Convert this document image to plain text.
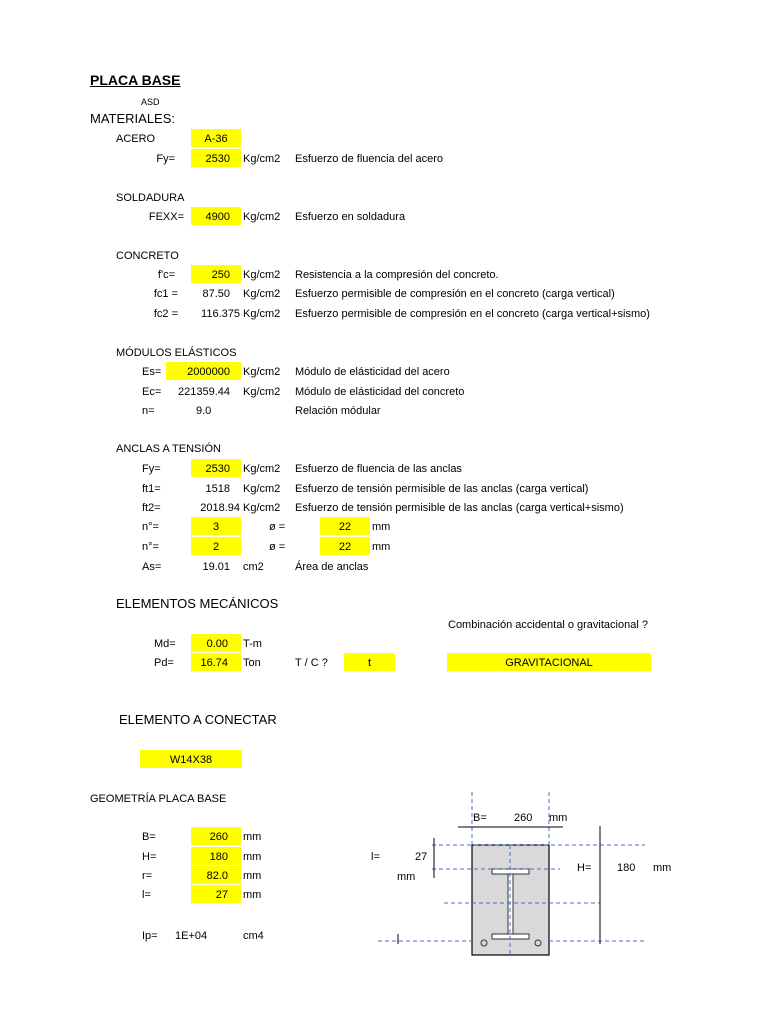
PLACA BASE
ASD
MATERIALES:
ACERO	A-36
Fy=	2530 Kg/cm2 Esfuerzo de fluencia del acero
SOLDADURA
FEXX=	4900 Kg/cm2 Esfuerzo en soldadura
CONCRETO
f'c=	250 Kg/cm2 Resistencia a la compresión del concreto.
fc1 =	87.50 Kg/cm2 Esfuerzo permisible de compresión en el concreto (carga vertical)
fc2 =	116.375 Kg/cm2 Esfuerzo permisible de compresión en el concreto (carga vertical+sismo)
MÓDULOS ELÁSTICOS
Es=	2000000 Kg/cm2 Módulo de elásticidad del acero
Ec=	221359.44 Kg/cm2 Módulo de elásticidad del concreto
n=	9.0	Relación módular
ANCLAS A TENSIÓN
Fy=	2530 Kg/cm2 Esfuerzo de fluencia de las anclas
ft1=	1518 Kg/cm2 Esfuerzo de tensión permisible de las anclas (carga vertical)
ft2=	2018.94 Kg/cm2 Esfuerzo de tensión permisible de las anclas (carga vertical+sismo)
n°=	3	ø =	22	mm
n°=	2	ø =	22	mm
As=	19.01 cm2	Área de anclas
ELEMENTOS MECÁNICOS
Combinación accidental o gravitacional ?
Md=	0.00 T-m
Pd=	16.74 Ton	T / C ?	t	GRAVITACIONAL
ELEMENTO A CONECTAR
W14X38
GEOMETRÍA PLACA BASE
B=	260 mm
H=	180 mm
r=	82.0 mm
l=	27 mm
Ip= 1E+04	cm4
B= 260 mm
l=	27
mm
H= 180 mm
